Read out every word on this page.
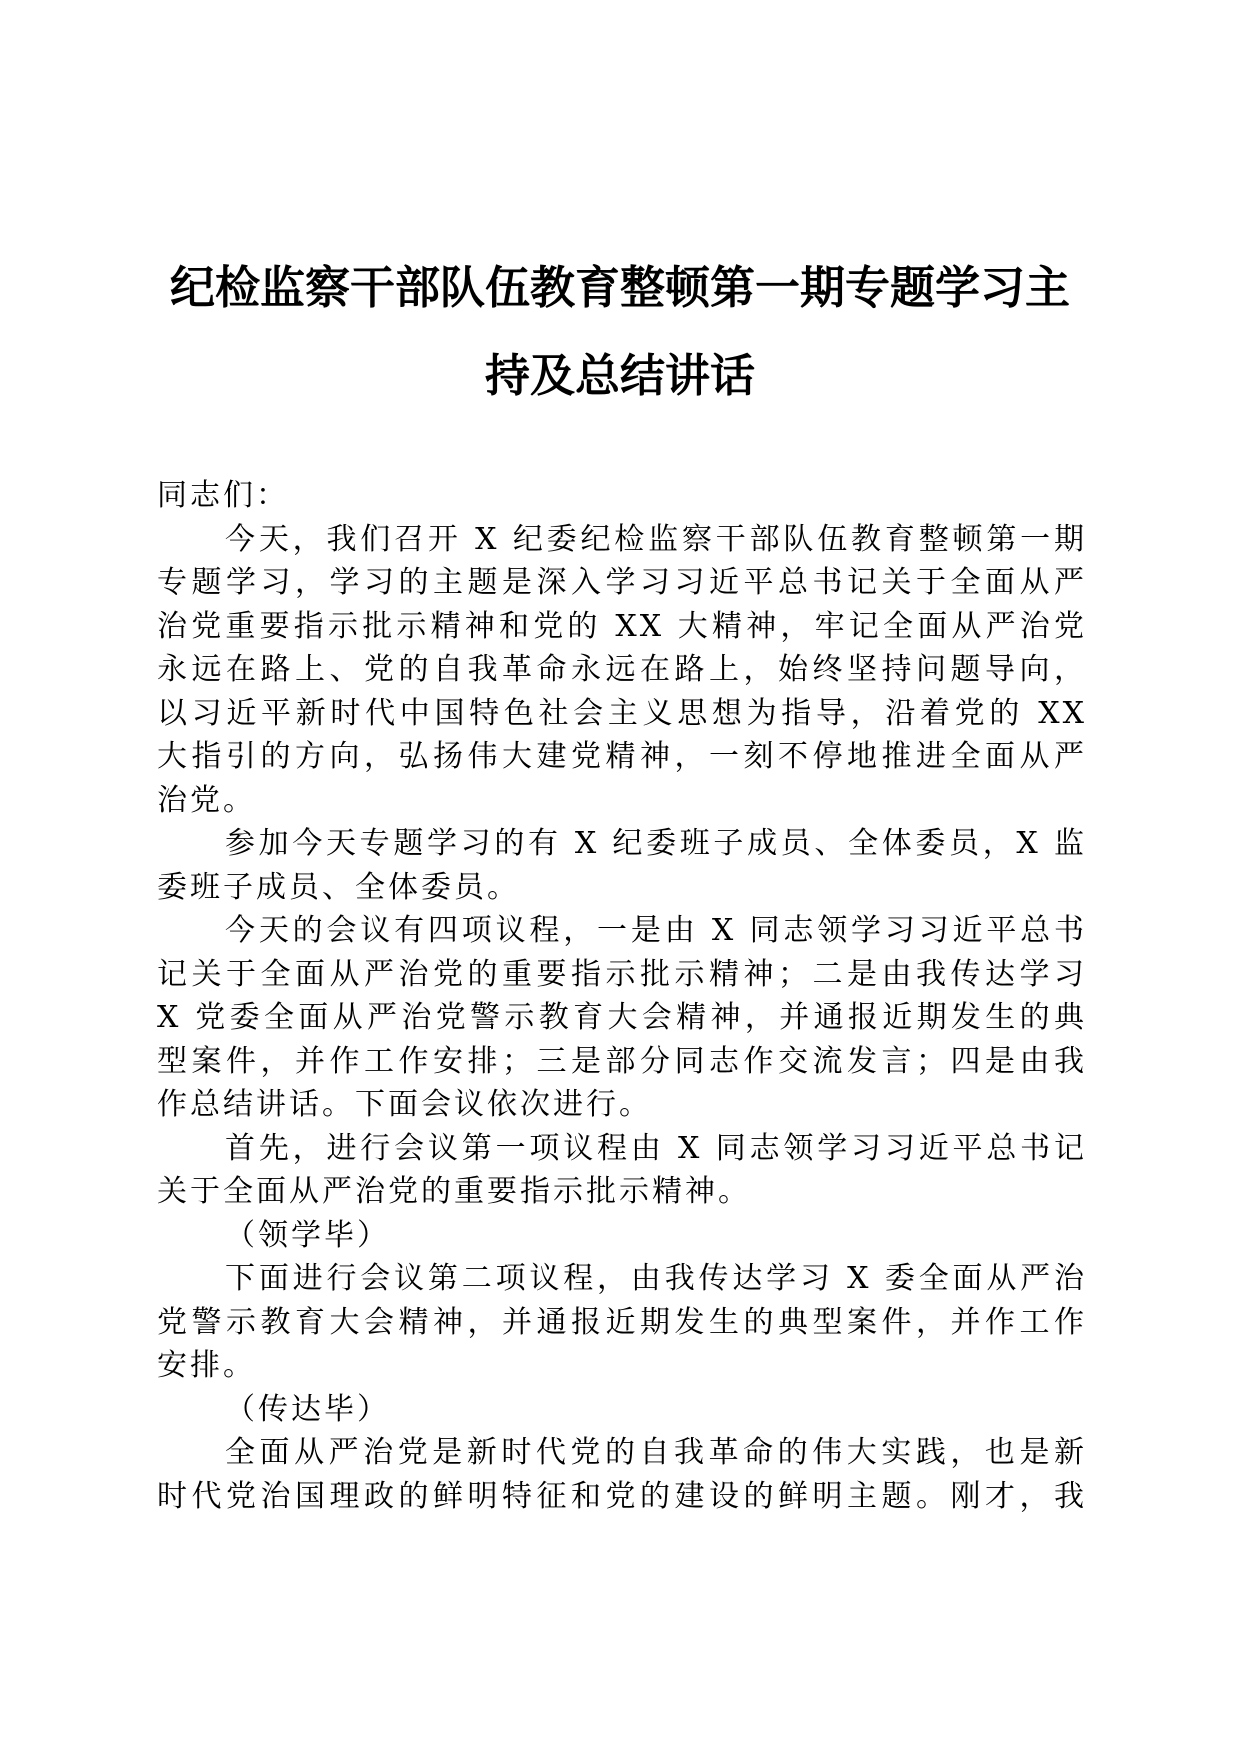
纪检监察干部队伍教育整顿第一期专题学习主
持及总结讲话
同志们：
今天，我们召开 X 纪委纪检监察干部队伍教育整顿第一期
专题学习，学习的主题是深入学习习近平总书记关于全面从严
治党重要指示批示精神和党的 XX 大精神，牢记全面从严治党
永远在路上、党的自我革命永远在路上，始终坚持问题导向，
以习近平新时代中国特色社会主义思想为指导，沿着党的 XX
大指引的方向，弘扬伟大建党精神，一刻不停地推进全面从严
治党。
参加今天专题学习的有 X 纪委班子成员、全体委员，X 监
委班子成员、全体委员。
今天的会议有四项议程，一是由 X 同志领学习习近平总书
记关于全面从严治党的重要指示批示精神；二是由我传达学习
X 党委全面从严治党警示教育大会精神，并通报近期发生的典
型案件，并作工作安排；三是部分同志作交流发言；四是由我
作总结讲话。下面会议依次进行。
首先，进行会议第一项议程由 X 同志领学习习近平总书记
关于全面从严治党的重要指示批示精神。
（领学毕）
下面进行会议第二项议程，由我传达学习 X 委全面从严治
党警示教育大会精神，并通报近期发生的典型案件，并作工作
安排。
（传达毕）
全面从严治党是新时代党的自我革命的伟大实践，也是新
时代党治国理政的鲜明特征和党的建设的鲜明主题。刚才，我
